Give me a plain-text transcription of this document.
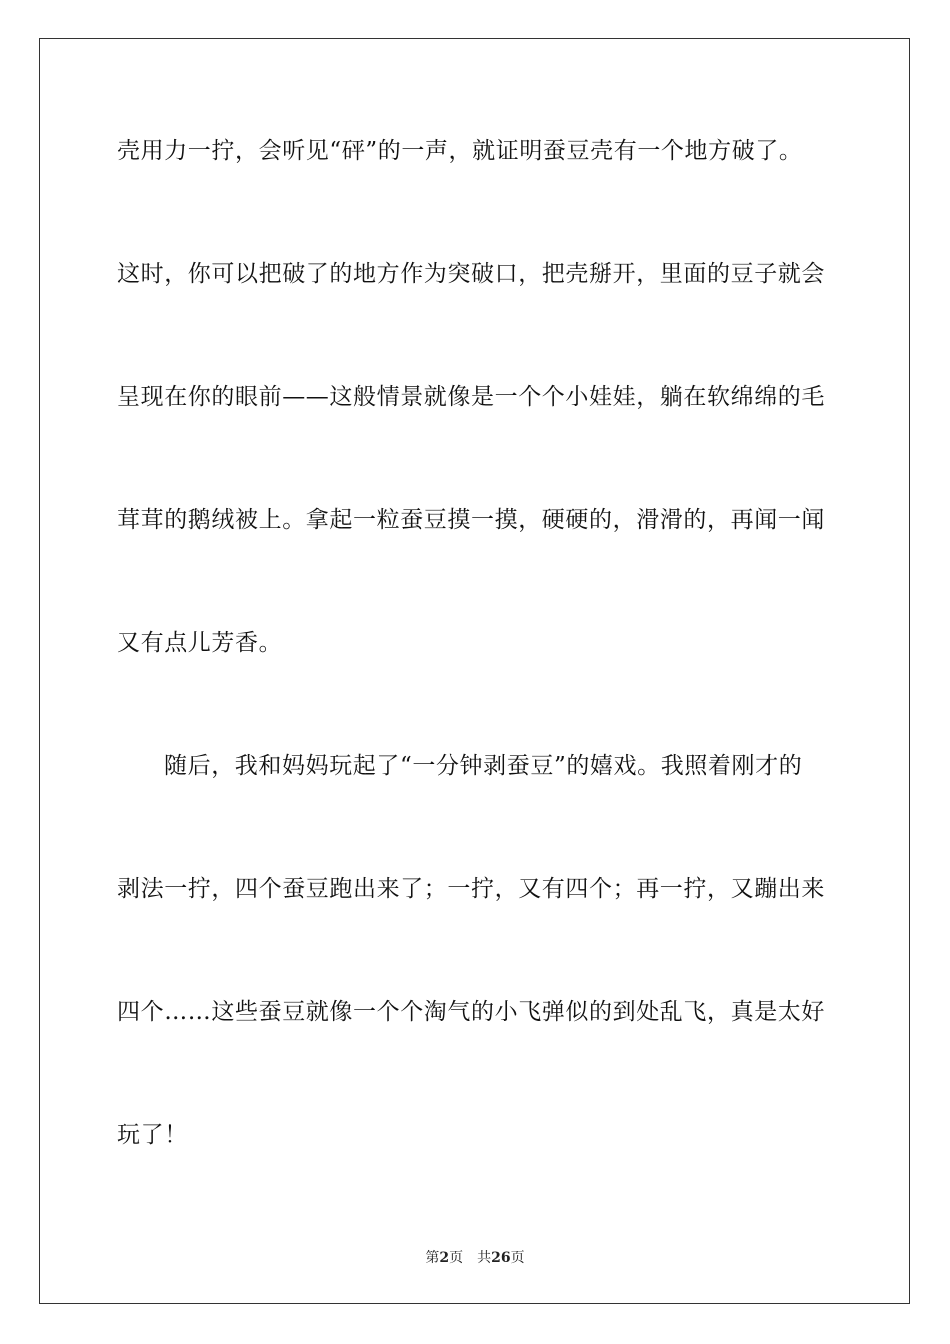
壳用力一拧，会听见“砰”的一声，就证明蚕豆壳有一个地方破了。
这时，你可以把破了的地方作为突破口，把壳掰开，里面的豆子就会
呈现在你的眼前——这般情景就像是一个个小娃娃，躺在软绵绵的毛
茸茸的鹅绒被上。拿起一粒蚕豆摸一摸，硬硬的，滑滑的，再闻一闻
又有点儿芳香。
随后，我和妈妈玩起了“一分钟剥蚕豆”的嬉戏。我照着刚才的
剥法一拧，四个蚕豆跑出来了；一拧，又有四个；再一拧，又蹦出来
四个……这些蚕豆就像一个个淘气的小飞弹似的到处乱飞，真是太好
玩了！
第2页 共26页
